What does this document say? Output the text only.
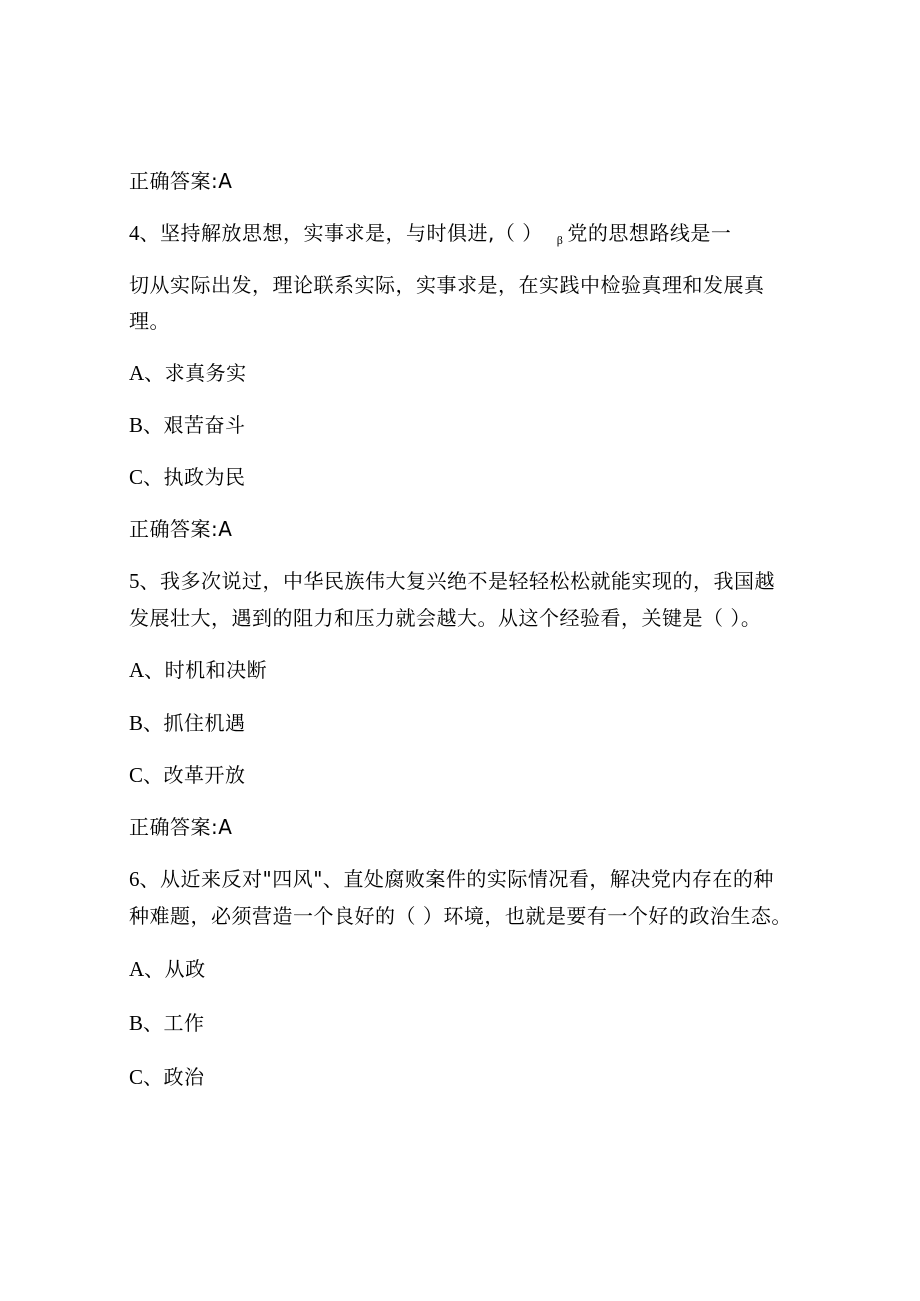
正确答案:A
4、坚持解放思想，实事求是，与时俱进,（ ） $_\beta$ 党的思想路线是一
切从实际出发，理论联系实际，实事求是，在实践中检验真理和发展真
理。
A、求真务实
B、艰苦奋斗
C、执政为民
正确答案:A
5、我多次说过，中华民族伟大复兴绝不是轻轻松松就能实现的，我国越
发展壮大，遇到的阻力和压力就会越大。从这个经验看，关键是（ ）。
A、时机和决断
B、抓住机遇
C、改革开放
正确答案:A
6、从近来反对"四风"、直处腐败案件的实际情况看，解决党内存在的种
种难题，必须营造一个良好的（ ）环境，也就是要有一个好的政治生态。
A、从政
B、工作
C、政治
